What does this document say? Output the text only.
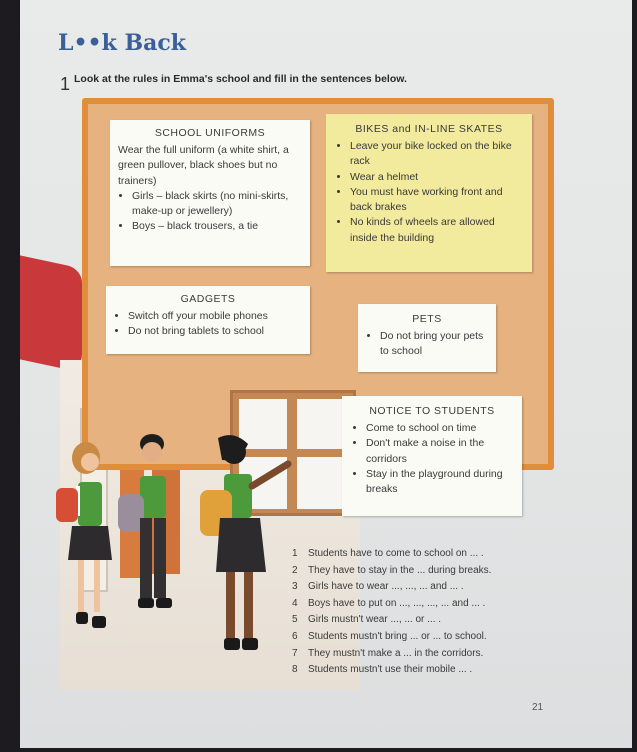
L••k Back
1 Look at the rules in Emma's school and fill in the sentences below.
SCHOOL UNIFORMS

Wear the full uniform (a white shirt, a green pullover, black shoes but no trainers)

• Girls – black skirts (no mini-skirts, make-up or jewellery)
• Boys – black trousers, a tie
BIKES and IN-LINE SKATES
• Leave your bike locked on the bike rack
• Wear a helmet
• You must have working front and back brakes
• No kinds of wheels are allowed inside the building
GADGETS
• Switch off your mobile phones
• Do not bring tablets to school
PETS
• Do not bring your pets to school
NOTICE TO STUDENTS
• Come to school on time
• Don't make a noise in the corridors
• Stay in the playground during breaks
1 Students have to come to school on ... .
2 They have to stay in the ... during breaks.
3 Girls have to wear ..., ..., ... and ... .
4 Boys have to put on ..., ..., ..., ... and ... .
5 Girls mustn't wear ..., ... or ... .
6 Students mustn't bring ... or ... to school.
7 They mustn't make a ... in the corridors.
8 Students mustn't use their mobile ... .
21
